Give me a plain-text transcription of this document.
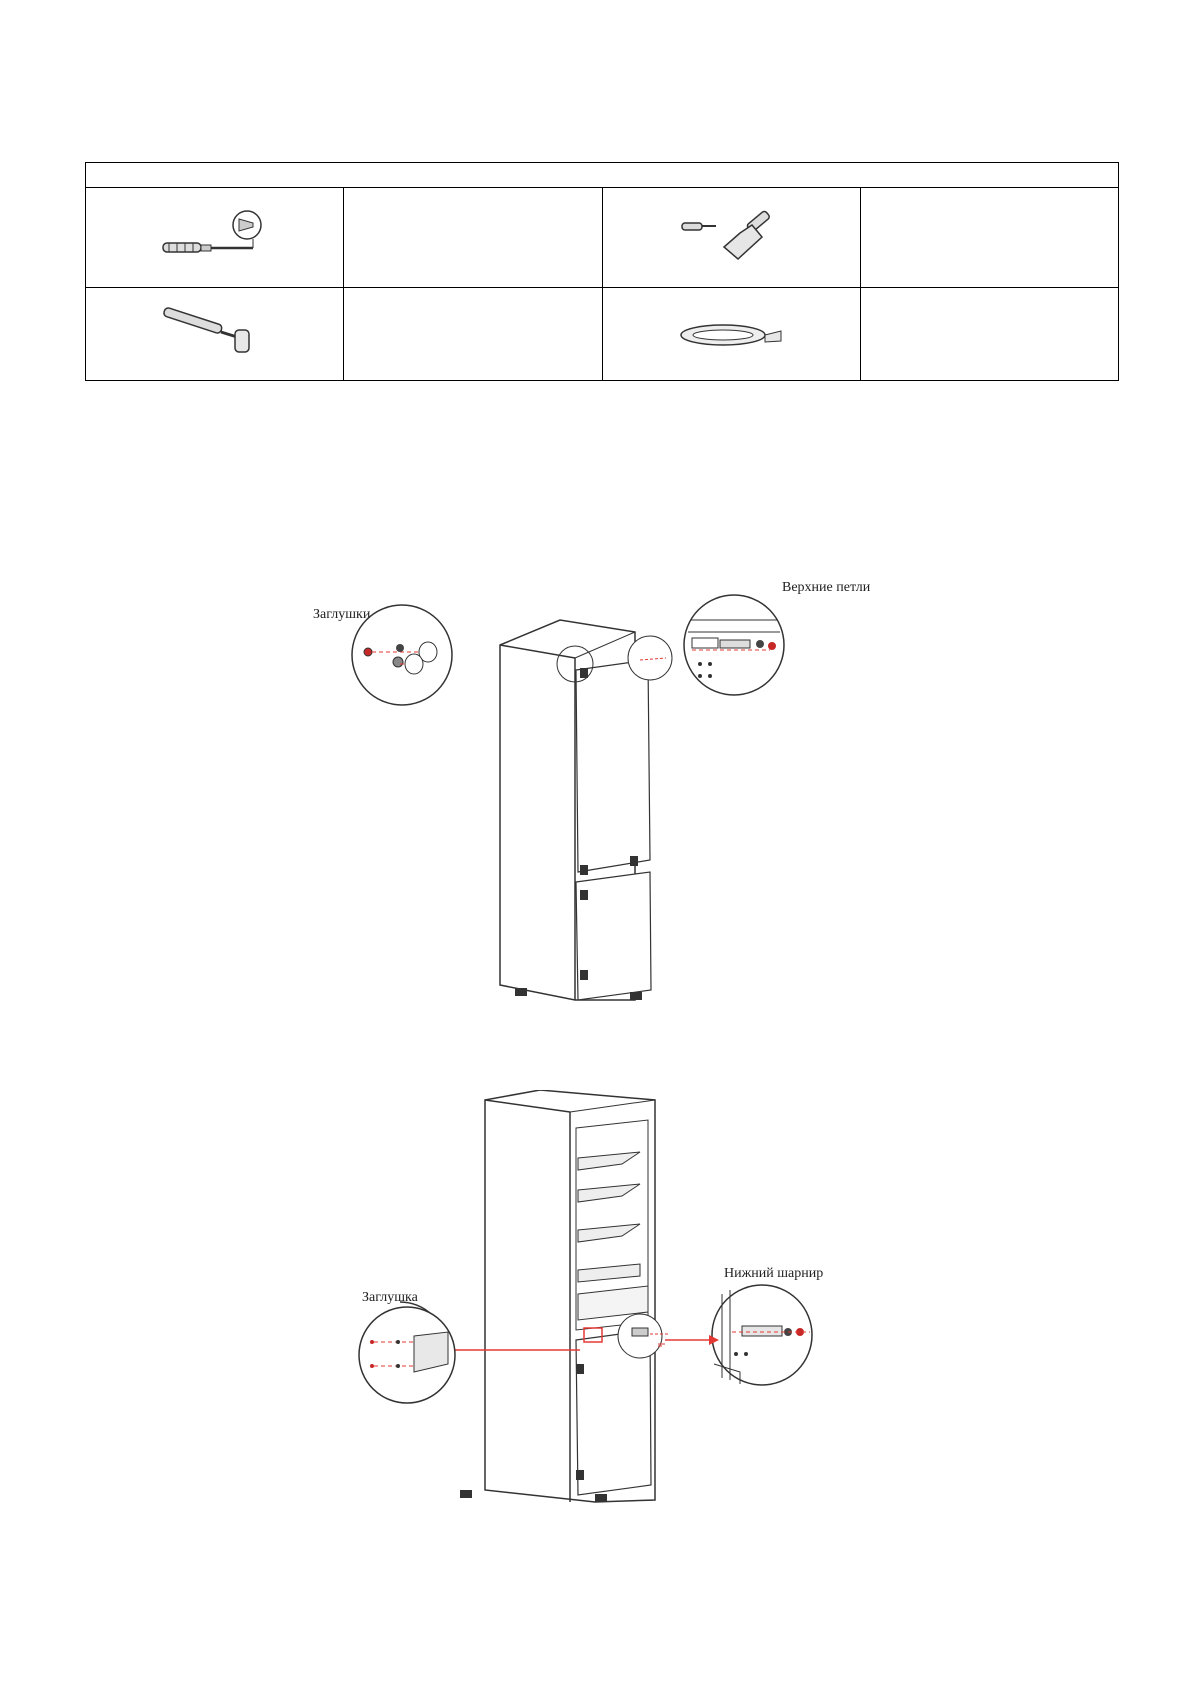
Заглушки
Верхние петли
Заглушка
Нижний шарнир
